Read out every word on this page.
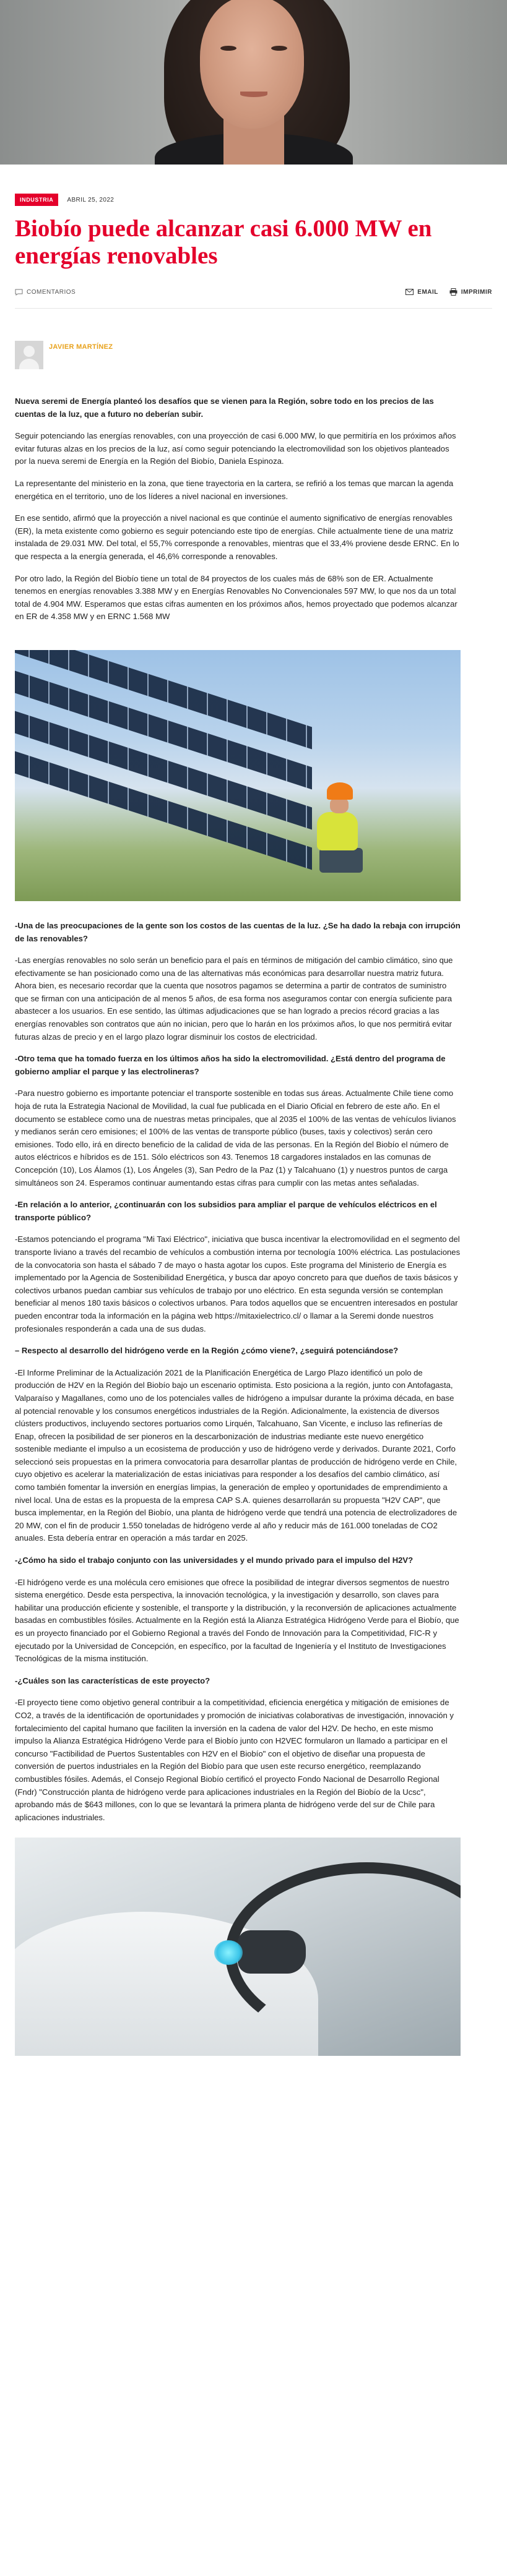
INDUSTRIA	ABRIL 25, 2022
Biobío puede alcanzar casi 6.000 MW en energías renovables
COMENTARIOS	EMAIL	IMPRIMIR
JAVIER MARTÍNEZ

Nueva seremi de Energía planteó los desafíos que se vienen para la Región, sobre todo en los precios de las cuentas de la luz, que a futuro no deberían subir.

Seguir potenciando las energías renovables, con una proyección de casi 6.000 MW, lo que permitiría en los próximos años evitar futuras alzas en los precios de la luz, así como seguir potenciando la electromovilidad son los objetivos planteados por la nueva seremi de Energía en la Región del Biobío, Daniela Espinoza.

La representante del ministerio en la zona, que tiene trayectoria en la cartera, se refirió a los temas que marcan la agenda energética en el territorio, uno de los líderes a nivel nacional en inversiones.

En ese sentido, afirmó que la proyección a nivel nacional es que continúe el aumento significativo de energías renovables (ER), la meta existente como gobierno es seguir potenciando este tipo de energías. Chile actualmente tiene de una matriz instalada de 29.031 MW. Del total, el 55,7% corresponde a renovables, mientras que el 33,4% proviene desde ERNC. En lo que respecta a la energía generada, el 46,6% corresponde a renovables.

Por otro lado, la Región del Biobío tiene un total de 84 proyectos de los cuales más de 68% son de ER. Actualmente tenemos en energías renovables 3.388 MW y en Energías Renovables No Convencionales 597 MW, lo que nos da un total total de 4.904 MW. Esperamos que estas cifras aumenten en los próximos años, hemos proyectado que podemos alcanzar en ER de 4.358 MW y en ERNC 1.568 MW

-Una de las preocupaciones de la gente son los costos de las cuentas de la luz. ¿Se ha dado la rebaja con irrupción de las renovables?

-Las energías renovables no solo serán un beneficio para el país en términos de mitigación del cambio climático, sino que efectivamente se han posicionado como una de las alternativas más económicas para desarrollar nuestra matriz futura. Ahora bien, es necesario recordar que la cuenta que nosotros pagamos se determina a partir de contratos de suministro que se firman con una anticipación de al menos 5 años, de esa forma nos aseguramos contar con energía suficiente para abastecer a los usuarios. En ese sentido, las últimas adjudicaciones que se han logrado a precios récord gracias a las energías renovables son contratos que aún no inician, pero que lo harán en los próximos años, lo que nos permitirá evitar futuras alzas de precio y en el largo plazo lograr disminuir los costos de electricidad.

-Otro tema que ha tomado fuerza en los últimos años ha sido la electromovilidad. ¿Está dentro del programa de gobierno ampliar el parque y las electrolineras?

-Para nuestro gobierno es importante potenciar el transporte sostenible en todas sus áreas. Actualmente Chile tiene como hoja de ruta la Estrategia Nacional de Movilidad, la cual fue publicada en el Diario Oficial en febrero de este año. En el documento se establece como una de nuestras metas principales, que al 2035 el 100% de las ventas de vehículos livianos y medianos serán cero emisiones; el 100% de las ventas de transporte público (buses, taxis y colectivos) serán cero emisiones. Todo ello, irá en directo beneficio de la calidad de vida de las personas. En la Región del Biobío el número de autos eléctricos e híbridos es de 151. Sólo eléctricos son 43. Tenemos 18 cargadores instalados en las comunas de Concepción (10), Los Álamos (1), Los Ángeles (3), San Pedro de la Paz (1) y Talcahuano (1) y nuestros puntos de carga simultáneos son 24. Esperamos continuar aumentando estas cifras para cumplir con las metas antes señaladas.

-En relación a lo anterior, ¿continuarán con los subsidios para ampliar el parque de vehículos eléctricos en el transporte público?

-Estamos potenciando el programa "Mi Taxi Eléctrico", iniciativa que busca incentivar la electromovilidad en el segmento del transporte liviano a través del recambio de vehículos a combustión interna por tecnología 100% eléctrica. Las postulaciones de la convocatoria son hasta el sábado 7 de mayo o hasta agotar los cupos. Este programa del Ministerio de Energía es implementado por la Agencia de Sostenibilidad Energética, y busca dar apoyo concreto para que dueños de taxis básicos y colectivos urbanos puedan cambiar sus vehículos de trabajo por uno eléctrico. En esta segunda versión se contemplan beneficiar al menos 180 taxis básicos o colectivos urbanos. Para todos aquellos que se encuentren interesados en postular pueden encontrar toda la información en la página web https://mitaxielectrico.cl/ o llamar a la Seremi donde nuestros profesionales responderán a cada una de sus dudas.

– Respecto al desarrollo del hidrógeno verde en la Región ¿cómo viene?, ¿seguirá potenciándose?

-El Informe Preliminar de la Actualización 2021 de la Planificación Energética de Largo Plazo identificó un polo de producción de H2V en la Región del Biobío bajo un escenario optimista. Esto posiciona a la región, junto con Antofagasta, Valparaíso y Magallanes, como uno de los potenciales valles de hidrógeno a impulsar durante la próxima década, en base al potencial renovable y los consumos energéticos industriales de la Región. Adicionalmente, la existencia de diversos clústers productivos, incluyendo sectores portuarios como Lirquén, Talcahuano, San Vicente, e incluso las refinerías de Enap, ofrecen la posibilidad de ser pioneros en la descarbonización de industrias mediante este nuevo energético sostenible mediante el impulso a un ecosistema de producción y uso de hidrógeno verde y derivados. Durante 2021, Corfo seleccionó seis propuestas en la primera convocatoria para desarrollar plantas de producción de hidrógeno verde en Chile, cuyo objetivo es acelerar la materialización de estas iniciativas para responder a los desafíos del cambio climático, así como también fomentar la inversión en energías limpias, la generación de empleo y oportunidades de emprendimiento a nivel local. Una de estas es la propuesta de la empresa CAP S.A. quienes desarrollarán su propuesta "H2V CAP", que busca implementar, en la Región del Biobío, una planta de hidrógeno verde que tendrá una potencia de electrolizadores de 20 MW, con el fin de producir 1.550 toneladas de hidrógeno verde al año y reducir más de 161.000 toneladas de CO2 anuales. Esta debería entrar en operación a más tardar en 2025.

-¿Cómo ha sido el trabajo conjunto con las universidades y el mundo privado para el impulso del H2V?

-El hidrógeno verde es una molécula cero emisiones que ofrece la posibilidad de integrar diversos segmentos de nuestro sistema energético. Desde esta perspectiva, la innovación tecnológica, y la investigación y desarrollo, son claves para habilitar una producción eficiente y sostenible, el transporte y la distribución, y la reconversión de aplicaciones actualmente basadas en combustibles fósiles. Actualmente en la Región está la Alianza Estratégica Hidrógeno Verde para el Biobío, que es un proyecto financiado por el Gobierno Regional a través del Fondo de Innovación para la Competitividad, FIC-R y ejecutado por la Universidad de Concepción, en específico, por la facultad de Ingeniería y el Instituto de Investigaciones Tecnológicas de la misma institución.

-¿Cuáles son las características de este proyecto?

-El proyecto tiene como objetivo general contribuir a la competitividad, eficiencia energética y mitigación de emisiones de CO2, a través de la identificación de oportunidades y promoción de iniciativas colaborativas de investigación, innovación y fortalecimiento del capital humano que faciliten la inversión en la cadena de valor del H2V. De hecho, en este mismo impulso la Alianza Estratégica Hidrógeno Verde para el Biobío junto con H2VEC formularon un llamado a participar en el concurso "Factibilidad de Puertos Sustentables con H2V en el Biobío" con el objetivo de diseñar una propuesta de conversión de puertos industriales en la Región del Biobío para que usen este recurso energético, reemplazando combustibles fósiles. Además, el Consejo Regional Biobío certificó el proyecto Fondo Nacional de Desarrollo Regional (Fndr) "Construcción planta de hidrógeno verde para aplicaciones industriales en la Región del Biobío de la Ucsc", aprobando más de $643 millones, con lo que se levantará la primera planta de hidrógeno verde del sur de Chile para aplicaciones industriales.
